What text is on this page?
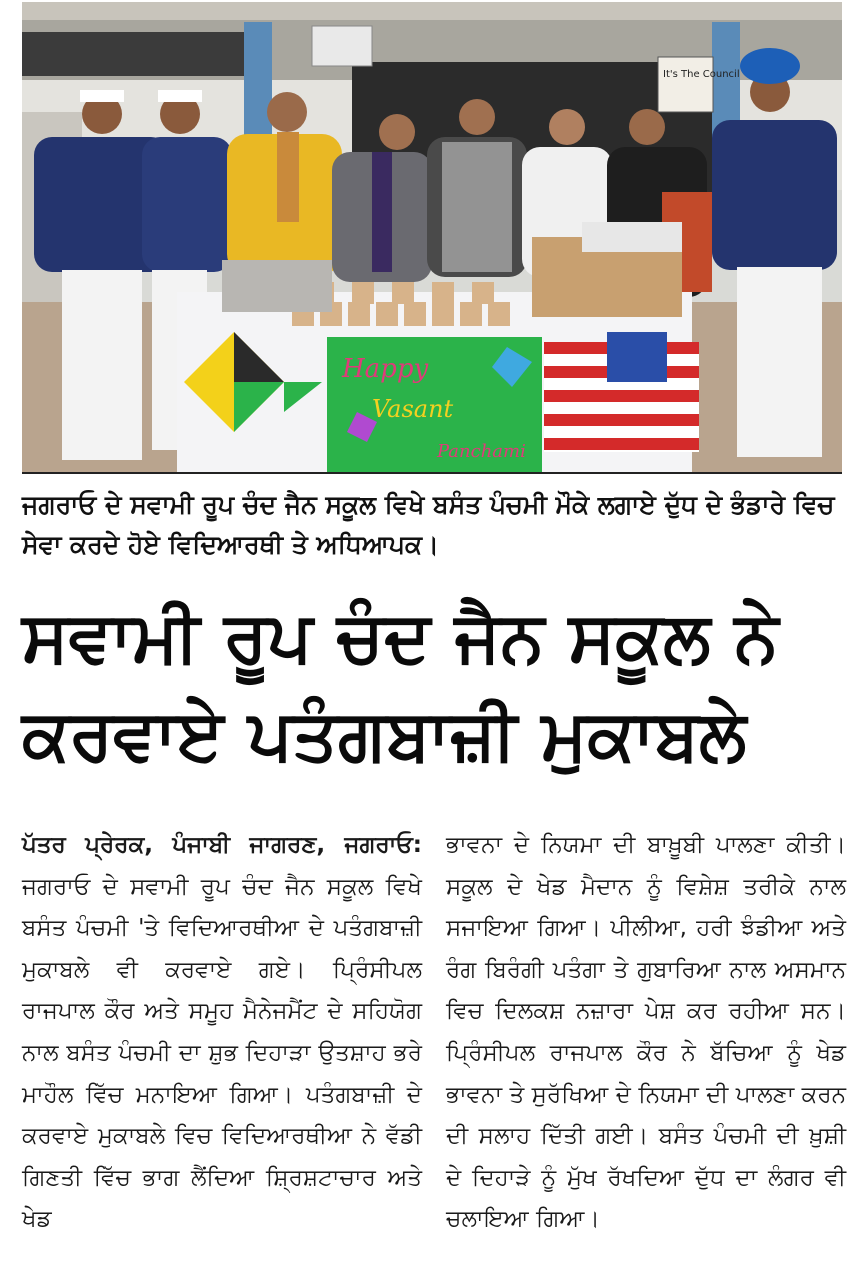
It's The Council
Happy
Vasant
Panchami
ਜਗਰਾਓ ਦੇ ਸਵਾਮੀ ਰੂਪ ਚੰਦ ਜੈਨ ਸਕੂਲ ਵਿਖੇ ਬਸੰਤ ਪੰਚਮੀ ਮੌਕੇ ਲਗਾਏ ਦੁੱਧ ਦੇ ਭੰਡਾਰੇ ਵਿਚ ਸੇਵਾ ਕਰਦੇ ਹੋਏ ਵਿਦਿਆਰਥੀ ਤੇ ਅਧਿਆਪਕ।
ਸਵਾਮੀ ਰੂਪ ਚੰਦ ਜੈਨ ਸਕੂਲ ਨੇ
ਕਰਵਾਏ ਪਤੰਗਬਾਜ਼ੀ ਮੁਕਾਬਲੇ
ਪੱਤਰ ਪ੍ਰੇਰਕ, ਪੰਜਾਬੀ ਜਾਗਰਣ, ਜਗਰਾਓ: ਜਗਰਾਓ ਦੇ ਸਵਾਮੀ ਰੂਪ ਚੰਦ ਜੈਨ ਸਕੂਲ ਵਿਖੇ ਬਸੰਤ ਪੰਚਮੀ 'ਤੇ ਵਿਦਿਆਰਥੀਆ ਦੇ ਪਤੰਗਬਾਜ਼ੀ ਮੁਕਾਬਲੇ ਵੀ ਕਰਵਾਏ ਗਏ। ਪ੍ਰਿੰਸੀਪਲ ਰਾਜਪਾਲ ਕੌਰ ਅਤੇ ਸਮੂਹ ਮੈਨੇਜਮੈਂਟ ਦੇ ਸਹਿਯੋਗ ਨਾਲ ਬਸੰਤ ਪੰਚਮੀ ਦਾ ਸ਼ੁਭ ਦਿਹਾੜਾ ਉਤਸ਼ਾਹ ਭਰੇ ਮਾਹੌਲ ਵਿੱਚ ਮਨਾਇਆ ਗਿਆ। ਪਤੰਗਬਾਜ਼ੀ ਦੇ ਕਰਵਾਏ ਮੁਕਾਬਲੇ ਵਿਚ ਵਿਦਿਆਰਥੀਆ ਨੇ ਵੱਡੀ ਗਿਣਤੀ ਵਿੱਚ ਭਾਗ ਲੈਂਦਿਆ ਸ਼੍ਰਿਸ਼ਟਾਚਾਰ ਅਤੇ ਖੇਡ
ਭਾਵਨਾ ਦੇ ਨਿਯਮਾ ਦੀ ਬਾਖ਼ੂਬੀ ਪਾਲਣਾ ਕੀਤੀ। ਸਕੂਲ ਦੇ ਖੇਡ ਮੈਦਾਨ ਨੂੰ ਵਿਸ਼ੇਸ਼ ਤਰੀਕੇ ਨਾਲ ਸਜਾਇਆ ਗਿਆ। ਪੀਲੀਆ, ਹਰੀ ਝੰਡੀਆ ਅਤੇ ਰੰਗ ਬਿਰੰਗੀ ਪਤੰਗਾ ਤੇ ਗੁਬਾਰਿਆ ਨਾਲ ਅਸਮਾਨ ਵਿਚ ਦਿਲਕਸ਼ ਨਜ਼ਾਰਾ ਪੇਸ਼ ਕਰ ਰਹੀਆ ਸਨ। ਪ੍ਰਿੰਸੀਪਲ ਰਾਜਪਾਲ ਕੌਰ ਨੇ ਬੱਚਿਆ ਨੂੰ ਖੇਡ ਭਾਵਨਾ ਤੇ ਸੁਰੱਖਿਆ ਦੇ ਨਿਯਮਾ ਦੀ ਪਾਲਣਾ ਕਰਨ ਦੀ ਸਲਾਹ ਦਿੱਤੀ ਗਈ। ਬਸੰਤ ਪੰਚਮੀ ਦੀ ਖ਼ੁਸ਼ੀ ਦੇ ਦਿਹਾੜੇ ਨੂੰ ਮੁੱਖ ਰੱਖਦਿਆ ਦੁੱਧ ਦਾ ਲੰਗਰ ਵੀ ਚਲਾਇਆ ਗਿਆ।
